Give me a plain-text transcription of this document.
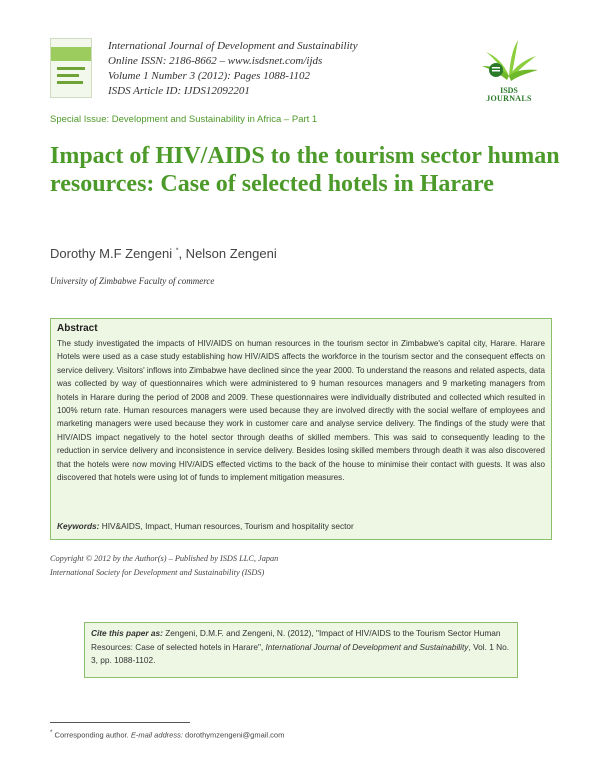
International Journal of Development and Sustainability
Online ISSN: 2186-8662 – www.isdsnet.com/ijds
Volume 1 Number 3 (2012): Pages 1088-1102
ISDS Article ID: IJDS12092201	ISDS
JOURNALS
Special Issue: Development and Sustainability in Africa – Part 1
Impact of HIV/AIDS to the tourism sector human resources: Case of selected hotels in Harare
Dorothy M.F Zengeni *, Nelson Zengeni
University of Zimbabwe Faculty of commerce
Abstract

The study investigated the impacts of HIV/AIDS on human resources in the tourism sector in Zimbabwe's capital city, Harare. Harare Hotels were used as a case study establishing how HIV/AIDS affects the workforce in the tourism sector and the consequent effects on service delivery. Visitors' inflows into Zimbabwe have declined since the year 2000. To understand the reasons and related aspects, data was collected by way of questionnaires which were administered to 9 human resources managers and 9 marketing managers from hotels in Harare during the period of 2008 and 2009. These questionnaires were individually distributed and collected which resulted in 100% return rate. Human resources managers were used because they are involved directly with the social welfare of employees and marketing managers were used because they work in customer care and analyse service delivery. The findings of the study were that HIV/AIDS impact negatively to the hotel sector through deaths of skilled members. This was said to consequently leading to the reduction in service delivery and inconsistence in service delivery. Besides losing skilled members through death it was also discovered that the hotels were now moving HIV/AIDS effected victims to the back of the house to minimise their contact with guests. It was also discovered that hotels were using lot of funds to implement mitigation measures.

Keywords: HIV&AIDS, Impact, Human resources, Tourism and hospitality sector
Copyright © 2012 by the Author(s) – Published by ISDS LLC, Japan
International Society for Development and Sustainability (ISDS)

Cite this paper as: Zengeni, D.M.F. and Zengeni, N. (2012), "Impact of HIV/AIDS to the Tourism Sector Human Resources: Case of selected hotels in Harare", International Journal of Development and Sustainability, Vol. 1 No. 3, pp. 1088-1102.

* Corresponding author. E-mail address: dorothymzengeni@gmail.com
